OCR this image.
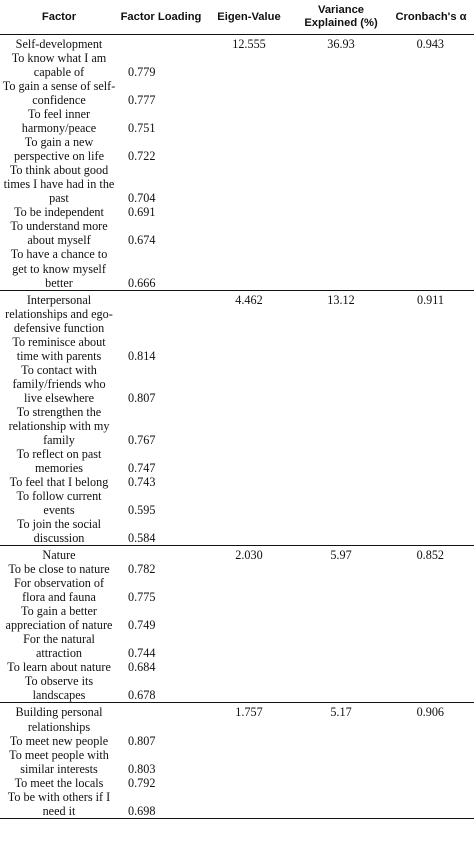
Factor	Factor Loading	Eigen-Value	Variance Explained (%)	Cronbach's α
Self-development		12.555	36.93	0.943
To know what I am capable of	0.779			
To gain a sense of self-confidence	0.777			
To feel inner harmony/peace	0.751			
To gain a new perspective on life	0.722			
To think about good times I have had in the past	0.704			
To be independent	0.691			
To understand more about myself	0.674			
To have a chance to get to know myself better	0.666			
Interpersonal relationships and ego-defensive function		4.462	13.12	0.911
To reminisce about time with parents	0.814			
To contact with family/friends who live elsewhere	0.807			
To strengthen the relationship with my family	0.767			
To reflect on past memories	0.747			
To feel that I belong	0.743			
To follow current events	0.595			
To join the social discussion	0.584			
Nature		2.030	5.97	0.852
To be close to nature	0.782			
For observation of flora and fauna	0.775			
To gain a better appreciation of nature	0.749			
For the natural attraction	0.744			
To learn about nature	0.684			
To observe its landscapes	0.678			
Building personal relationships		1.757	5.17	0.906
To meet new people	0.807			
To meet people with similar interests	0.803			
To meet the locals	0.792			
To be with others if I need it	0.698			
